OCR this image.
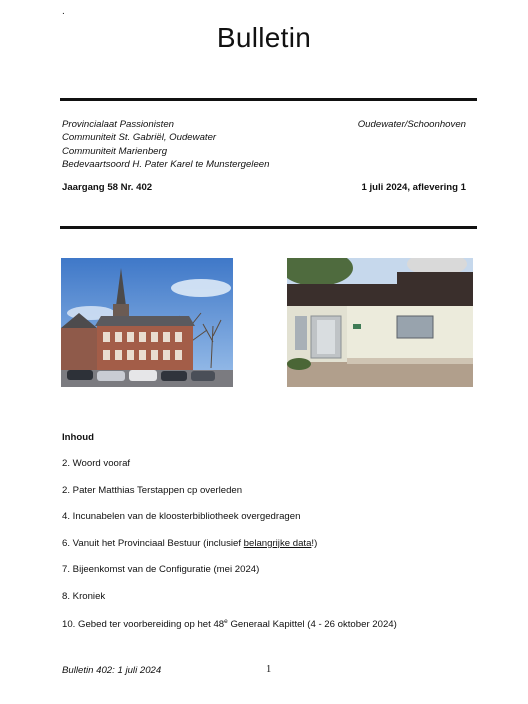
.
Bulletin
Provincialaat Passionisten
Communiteit St. Gabriël, Oudewater
Communiteit Marienberg
Bedevaartsoord H. Pater Karel te Munstergeleen
Oudewater/Schoonhoven
Jaargang 58 Nr. 402	1 juli 2024, aflevering 1
Inhoud
2. Woord vooraf
2. Pater Matthias Terstappen cp overleden
4. Incunabelen van de kloosterbibliotheek overgedragen
6. Vanuit het Provinciaal Bestuur (inclusief belangrijke data!)
7. Bijeenkomst van de Configuratie (mei 2024)
8. Kroniek
10. Gebed ter voorbereiding op het 48e Generaal Kapittel (4 - 26 oktober 2024)
Bulletin 402: 1 juli 2024	1
